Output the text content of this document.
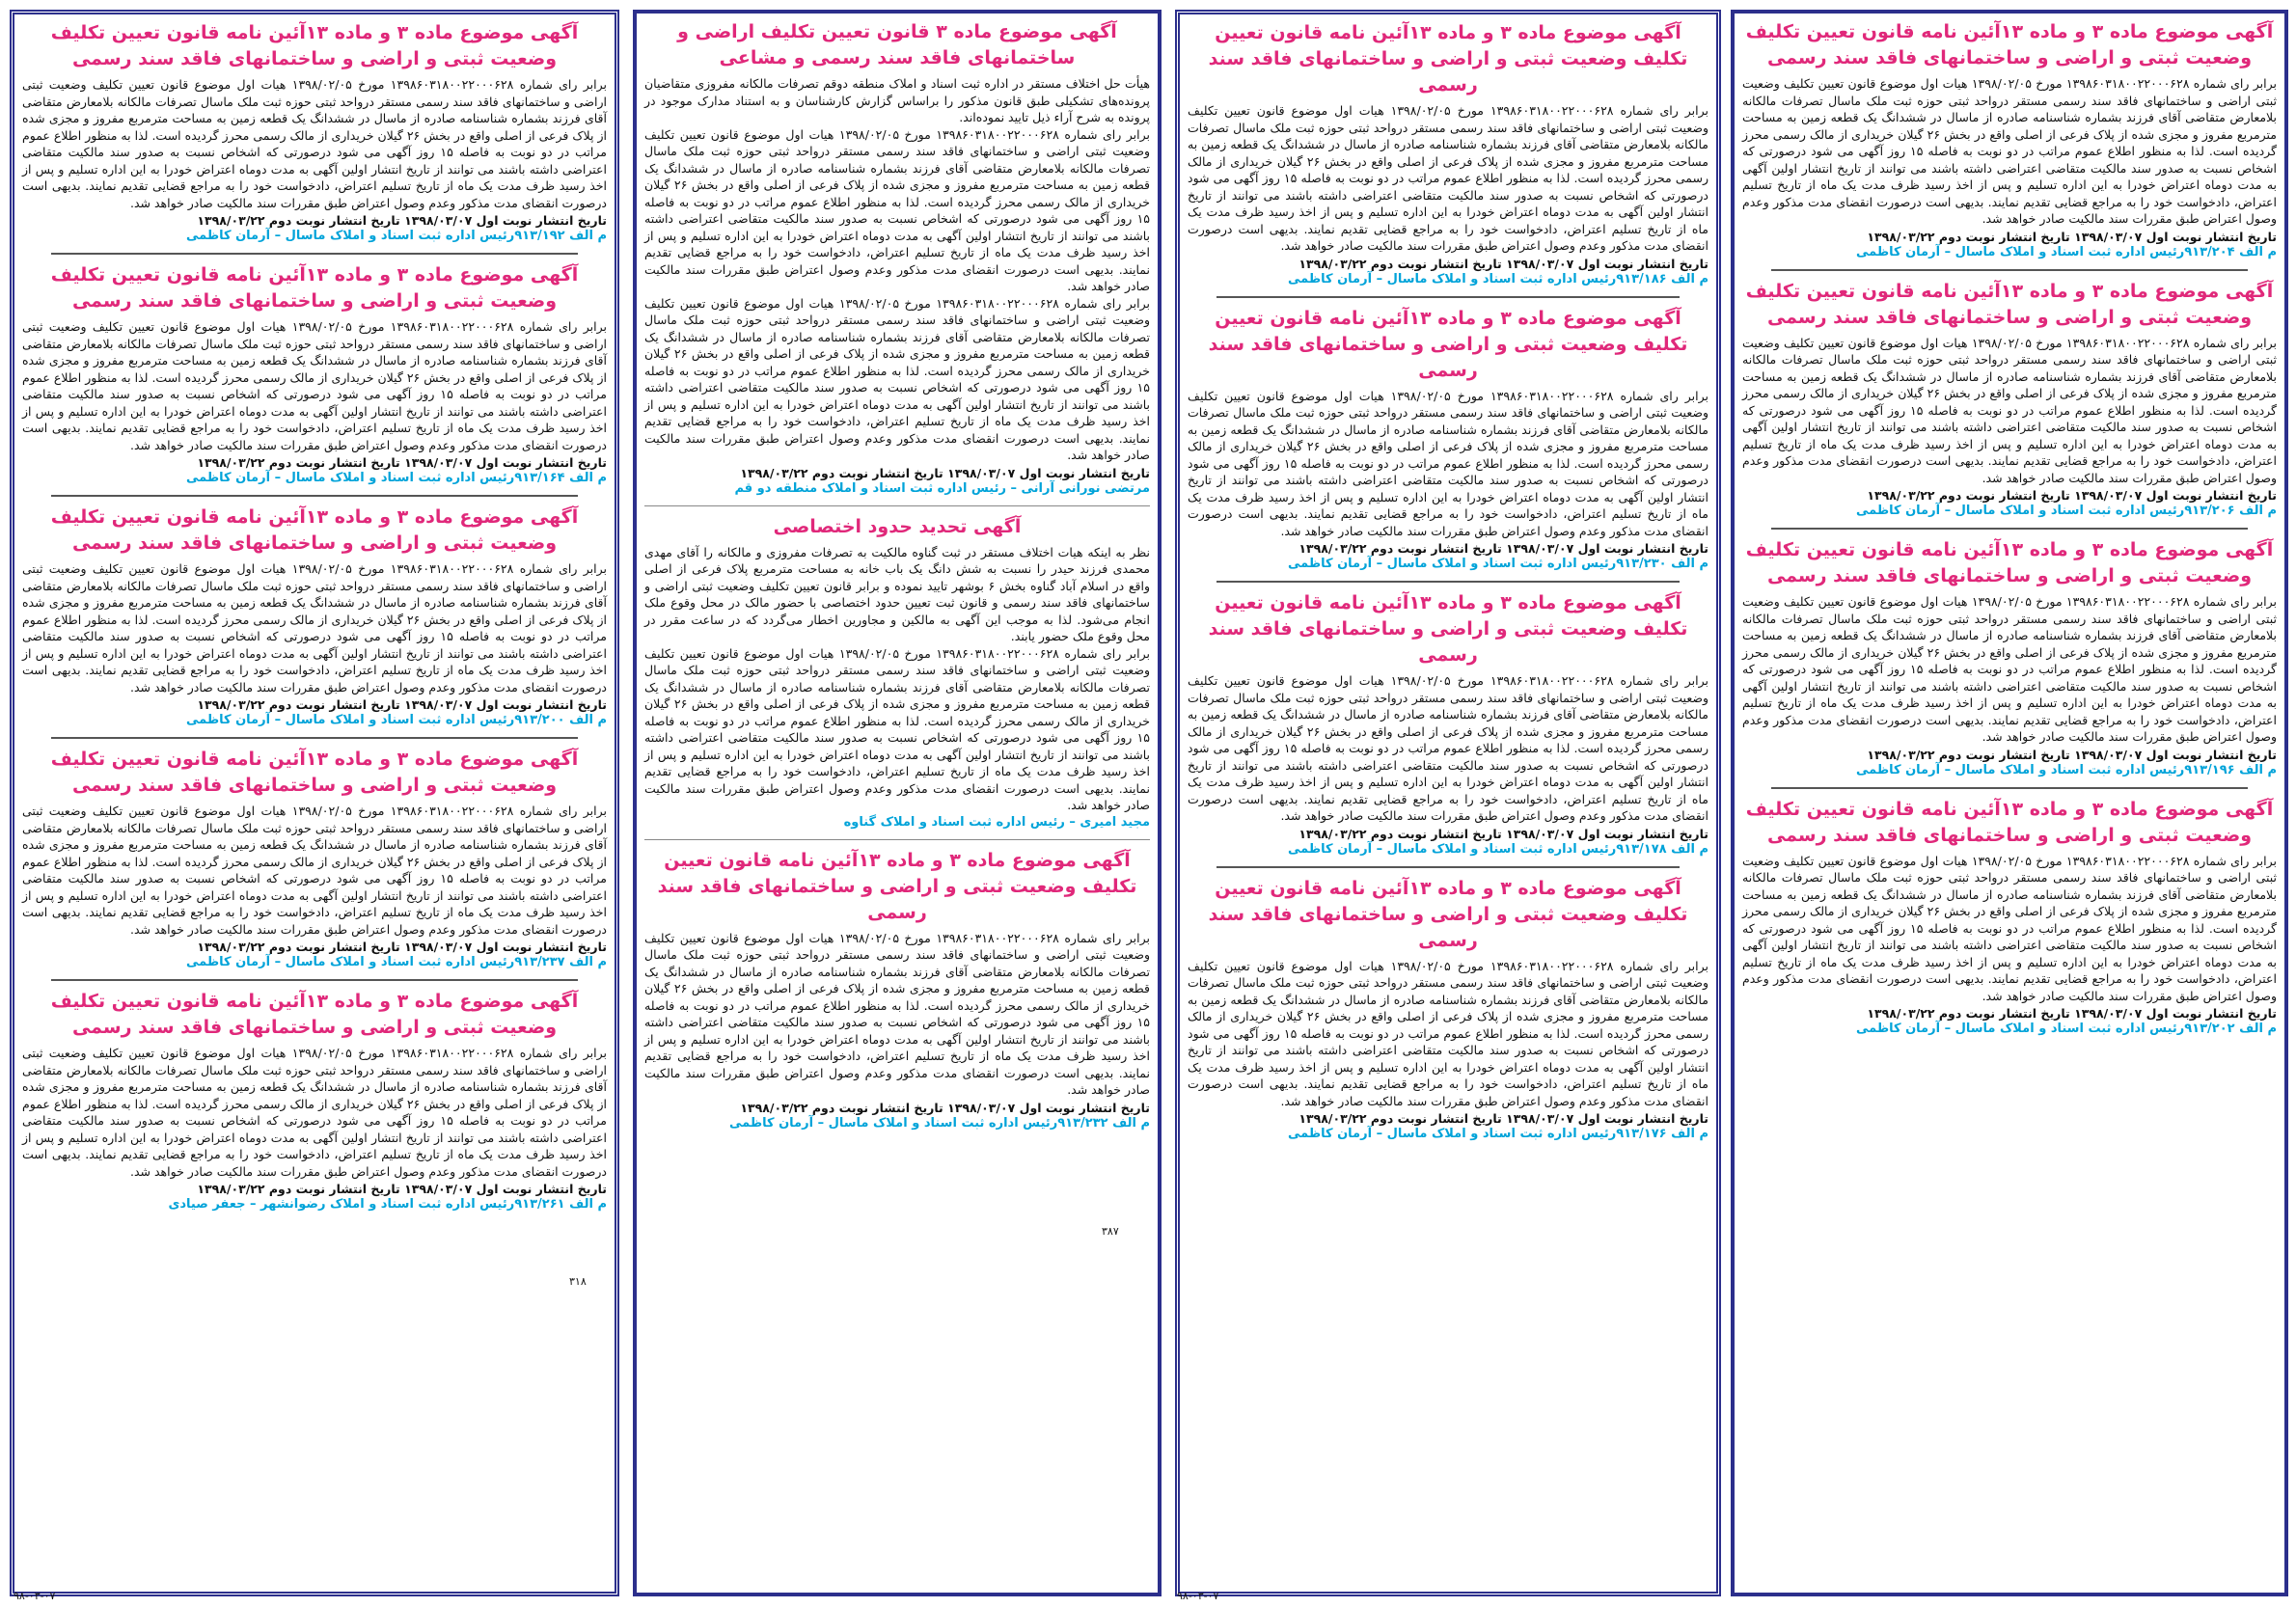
آگهی موضوع ماده ۳ و ماده ۱۳آئین نامه قانون تعیین تکلیف وضعیت ثبتی و اراضی و ساختمانهای فاقد سند رسمی

برابر رای شماره ۱۳۹۸۶۰۳۱۸۰۰۲۲۰۰۰۶۲۸ مورخ ۱۳۹۸/۰۲/۰۵ هیات اول موضوع قانون تعیین تکلیف وضعیت ثبتی اراضی و ساختمانهای فاقد سند رسمی مستقر درواحد ثبتی حوزه ثبت ملک ماسال تصرفات مالکانه بلامعارض متقاضی آقای فرزند بشماره شناسنامه صادره از ماسال در ششدانگ یک قطعه زمین به مساحت مترمربع مفروز و مجزی شده از پلاک فرعی از اصلی واقع در بخش ۲۶ گیلان خریداری از مالک رسمی محرز گردیده است. لذا به منظور اطلاع عموم مراتب در دو نوبت به فاصله ۱۵ روز آگهی می شود درصورتی که اشخاص نسبت به صدور سند مالکیت متقاضی اعتراضی داشته باشند می توانند از تاریخ انتشار اولین آگهی به مدت دوماه اعتراض خودرا به این اداره تسلیم و پس از اخذ رسید ظرف مدت یک ماه از تاریخ تسلیم اعتراض، دادخواست خود را به مراجع قضایی تقدیم نمایند. بدیهی است درصورت انقضای مدت مذکور وعدم وصول اعتراض طبق مقررات سند مالکیت صادر خواهد شد.

تاریخ انتشار نوبت اول ۱۳۹۸/۰۳/۰۷ تاریخ انتشار نوبت دوم ۱۳۹۸/۰۳/۲۲
م الف ۹۱۳/۲۰۴رئیس اداره ثبت اسناد و املاک ماسال – آرمان کاظمی
آگهی موضوع ماده ۳ و ماده ۱۳آئین نامه قانون تعیین تکلیف وضعیت ثبتی و اراضی و ساختمانهای فاقد سند رسمی

برابر رای شماره ۱۳۹۸۶۰۳۱۸۰۰۲۲۰۰۰۶۲۸ مورخ ۱۳۹۸/۰۲/۰۵ هیات اول موضوع قانون تعیین تکلیف وضعیت ثبتی اراضی و ساختمانهای فاقد سند رسمی مستقر درواحد ثبتی حوزه ثبت ملک ماسال تصرفات مالکانه بلامعارض متقاضی آقای فرزند بشماره شناسنامه صادره از ماسال در ششدانگ یک قطعه زمین به مساحت مترمربع مفروز و مجزی شده از پلاک فرعی از اصلی واقع در بخش ۲۶ گیلان خریداری از مالک رسمی محرز گردیده است. لذا به منظور اطلاع عموم مراتب در دو نوبت به فاصله ۱۵ روز آگهی می شود درصورتی که اشخاص نسبت به صدور سند مالکیت متقاضی اعتراضی داشته باشند می توانند از تاریخ انتشار اولین آگهی به مدت دوماه اعتراض خودرا به این اداره تسلیم و پس از اخذ رسید ظرف مدت یک ماه از تاریخ تسلیم اعتراض، دادخواست خود را به مراجع قضایی تقدیم نمایند. بدیهی است درصورت انقضای مدت مذکور وعدم وصول اعتراض طبق مقررات سند مالکیت صادر خواهد شد.

تاریخ انتشار نوبت اول ۱۳۹۸/۰۳/۰۷ تاریخ انتشار نوبت دوم ۱۳۹۸/۰۳/۲۲
م الف ۹۱۳/۲۰۶رئیس اداره ثبت اسناد و املاک ماسال – آرمان کاظمی
آگهی موضوع ماده ۳ و ماده ۱۳آئین نامه قانون تعیین تکلیف وضعیت ثبتی و اراضی و ساختمانهای فاقد سند رسمی

برابر رای شماره ۱۳۹۸۶۰۳۱۸۰۰۲۲۰۰۰۶۲۸ مورخ ۱۳۹۸/۰۲/۰۵ هیات اول موضوع قانون تعیین تکلیف وضعیت ثبتی اراضی و ساختمانهای فاقد سند رسمی مستقر درواحد ثبتی حوزه ثبت ملک ماسال تصرفات مالکانه بلامعارض متقاضی آقای فرزند بشماره شناسنامه صادره از ماسال در ششدانگ یک قطعه زمین به مساحت مترمربع مفروز و مجزی شده از پلاک فرعی از اصلی واقع در بخش ۲۶ گیلان خریداری از مالک رسمی محرز گردیده است. لذا به منظور اطلاع عموم مراتب در دو نوبت به فاصله ۱۵ روز آگهی می شود درصورتی که اشخاص نسبت به صدور سند مالکیت متقاضی اعتراضی داشته باشند می توانند از تاریخ انتشار اولین آگهی به مدت دوماه اعتراض خودرا به این اداره تسلیم و پس از اخذ رسید ظرف مدت یک ماه از تاریخ تسلیم اعتراض، دادخواست خود را به مراجع قضایی تقدیم نمایند. بدیهی است درصورت انقضای مدت مذکور وعدم وصول اعتراض طبق مقررات سند مالکیت صادر خواهد شد.

تاریخ انتشار نوبت اول ۱۳۹۸/۰۳/۰۷ تاریخ انتشار نوبت دوم ۱۳۹۸/۰۳/۲۲
م الف ۹۱۳/۱۹۶رئیس اداره ثبت اسناد و املاک ماسال – آرمان کاظمی
آگهی موضوع ماده ۳ و ماده ۱۳آئین نامه قانون تعیین تکلیف وضعیت ثبتی و اراضی و ساختمانهای فاقد سند رسمی

برابر رای شماره ۱۳۹۸۶۰۳۱۸۰۰۲۲۰۰۰۶۲۸ مورخ ۱۳۹۸/۰۲/۰۵ هیات اول موضوع قانون تعیین تکلیف وضعیت ثبتی اراضی و ساختمانهای فاقد سند رسمی مستقر درواحد ثبتی حوزه ثبت ملک ماسال تصرفات مالکانه بلامعارض متقاضی آقای فرزند بشماره شناسنامه صادره از ماسال در ششدانگ یک قطعه زمین به مساحت مترمربع مفروز و مجزی شده از پلاک فرعی از اصلی واقع در بخش ۲۶ گیلان خریداری از مالک رسمی محرز گردیده است. لذا به منظور اطلاع عموم مراتب در دو نوبت به فاصله ۱۵ روز آگهی می شود درصورتی که اشخاص نسبت به صدور سند مالکیت متقاضی اعتراضی داشته باشند می توانند از تاریخ انتشار اولین آگهی به مدت دوماه اعتراض خودرا به این اداره تسلیم و پس از اخذ رسید ظرف مدت یک ماه از تاریخ تسلیم اعتراض، دادخواست خود را به مراجع قضایی تقدیم نمایند. بدیهی است درصورت انقضای مدت مذکور وعدم وصول اعتراض طبق مقررات سند مالکیت صادر خواهد شد.

تاریخ انتشار نوبت اول ۱۳۹۸/۰۳/۰۷ تاریخ انتشار نوبت دوم ۱۳۹۸/۰۳/۲۲
م الف ۹۱۳/۲۰۲رئیس اداره ثبت اسناد و املاک ماسال – آرمان کاظمی
آگهی موضوع ماده ۳ و ماده ۱۳آئین نامه قانون تعیین تکلیف وضعیت ثبتی و اراضی و ساختمانهای فاقد سند رسمی

برابر رای شماره ۱۳۹۸۶۰۳۱۸۰۰۲۲۰۰۰۶۲۸ مورخ ۱۳۹۸/۰۲/۰۵ هیات اول موضوع قانون تعیین تکلیف وضعیت ثبتی اراضی و ساختمانهای فاقد سند رسمی مستقر درواحد ثبتی حوزه ثبت ملک ماسال تصرفات مالکانه بلامعارض متقاضی آقای فرزند بشماره شناسنامه صادره از ماسال در ششدانگ یک قطعه زمین به مساحت مترمربع مفروز و مجزی شده از پلاک فرعی از اصلی واقع در بخش ۲۶ گیلان خریداری از مالک رسمی محرز گردیده است. لذا به منظور اطلاع عموم مراتب در دو نوبت به فاصله ۱۵ روز آگهی می شود درصورتی که اشخاص نسبت به صدور سند مالکیت متقاضی اعتراضی داشته باشند می توانند از تاریخ انتشار اولین آگهی به مدت دوماه اعتراض خودرا به این اداره تسلیم و پس از اخذ رسید ظرف مدت یک ماه از تاریخ تسلیم اعتراض، دادخواست خود را به مراجع قضایی تقدیم نمایند. بدیهی است درصورت انقضای مدت مذکور وعدم وصول اعتراض طبق مقررات سند مالکیت صادر خواهد شد.

تاریخ انتشار نوبت اول ۱۳۹۸/۰۳/۰۷ تاریخ انتشار نوبت دوم ۱۳۹۸/۰۳/۲۲
م الف ۹۱۳/۱۸۶رئیس اداره ثبت اسناد و املاک ماسال – آرمان کاظمی
آگهی موضوع ماده ۳ و ماده ۱۳آئین نامه قانون تعیین تکلیف وضعیت ثبتی و اراضی و ساختمانهای فاقد سند رسمی

برابر رای شماره ۱۳۹۸۶۰۳۱۸۰۰۲۲۰۰۰۶۲۸ مورخ ۱۳۹۸/۰۲/۰۵ هیات اول موضوع قانون تعیین تکلیف وضعیت ثبتی اراضی و ساختمانهای فاقد سند رسمی مستقر درواحد ثبتی حوزه ثبت ملک ماسال تصرفات مالکانه بلامعارض متقاضی آقای فرزند بشماره شناسنامه صادره از ماسال در ششدانگ یک قطعه زمین به مساحت مترمربع مفروز و مجزی شده از پلاک فرعی از اصلی واقع در بخش ۲۶ گیلان خریداری از مالک رسمی محرز گردیده است. لذا به منظور اطلاع عموم مراتب در دو نوبت به فاصله ۱۵ روز آگهی می شود درصورتی که اشخاص نسبت به صدور سند مالکیت متقاضی اعتراضی داشته باشند می توانند از تاریخ انتشار اولین آگهی به مدت دوماه اعتراض خودرا به این اداره تسلیم و پس از اخذ رسید ظرف مدت یک ماه از تاریخ تسلیم اعتراض، دادخواست خود را به مراجع قضایی تقدیم نمایند. بدیهی است درصورت انقضای مدت مذکور وعدم وصول اعتراض طبق مقررات سند مالکیت صادر خواهد شد.

تاریخ انتشار نوبت اول ۱۳۹۸/۰۳/۰۷ تاریخ انتشار نوبت دوم ۱۳۹۸/۰۳/۲۲
م الف ۹۱۳/۲۳۰رئیس اداره ثبت اسناد و املاک ماسال – آرمان کاظمی
آگهی موضوع ماده ۳ و ماده ۱۳آئین نامه قانون تعیین تکلیف وضعیت ثبتی و اراضی و ساختمانهای فاقد سند رسمی

برابر رای شماره ۱۳۹۸۶۰۳۱۸۰۰۲۲۰۰۰۶۲۸ مورخ ۱۳۹۸/۰۲/۰۵ هیات اول موضوع قانون تعیین تکلیف وضعیت ثبتی اراضی و ساختمانهای فاقد سند رسمی مستقر درواحد ثبتی حوزه ثبت ملک ماسال تصرفات مالکانه بلامعارض متقاضی آقای فرزند بشماره شناسنامه صادره از ماسال در ششدانگ یک قطعه زمین به مساحت مترمربع مفروز و مجزی شده از پلاک فرعی از اصلی واقع در بخش ۲۶ گیلان خریداری از مالک رسمی محرز گردیده است. لذا به منظور اطلاع عموم مراتب در دو نوبت به فاصله ۱۵ روز آگهی می شود درصورتی که اشخاص نسبت به صدور سند مالکیت متقاضی اعتراضی داشته باشند می توانند از تاریخ انتشار اولین آگهی به مدت دوماه اعتراض خودرا به این اداره تسلیم و پس از اخذ رسید ظرف مدت یک ماه از تاریخ تسلیم اعتراض، دادخواست خود را به مراجع قضایی تقدیم نمایند. بدیهی است درصورت انقضای مدت مذکور وعدم وصول اعتراض طبق مقررات سند مالکیت صادر خواهد شد.

تاریخ انتشار نوبت اول ۱۳۹۸/۰۳/۰۷ تاریخ انتشار نوبت دوم ۱۳۹۸/۰۳/۲۲
م الف ۹۱۳/۱۷۸رئیس اداره ثبت اسناد و املاک ماسال – آرمان کاظمی
آگهی موضوع ماده ۳ و ماده ۱۳آئین نامه قانون تعیین تکلیف وضعیت ثبتی و اراضی و ساختمانهای فاقد سند رسمی

برابر رای شماره ۱۳۹۸۶۰۳۱۸۰۰۲۲۰۰۰۶۲۸ مورخ ۱۳۹۸/۰۲/۰۵ هیات اول موضوع قانون تعیین تکلیف وضعیت ثبتی اراضی و ساختمانهای فاقد سند رسمی مستقر درواحد ثبتی حوزه ثبت ملک ماسال تصرفات مالکانه بلامعارض متقاضی آقای فرزند بشماره شناسنامه صادره از ماسال در ششدانگ یک قطعه زمین به مساحت مترمربع مفروز و مجزی شده از پلاک فرعی از اصلی واقع در بخش ۲۶ گیلان خریداری از مالک رسمی محرز گردیده است. لذا به منظور اطلاع عموم مراتب در دو نوبت به فاصله ۱۵ روز آگهی می شود درصورتی که اشخاص نسبت به صدور سند مالکیت متقاضی اعتراضی داشته باشند می توانند از تاریخ انتشار اولین آگهی به مدت دوماه اعتراض خودرا به این اداره تسلیم و پس از اخذ رسید ظرف مدت یک ماه از تاریخ تسلیم اعتراض، دادخواست خود را به مراجع قضایی تقدیم نمایند. بدیهی است درصورت انقضای مدت مذکور وعدم وصول اعتراض طبق مقررات سند مالکیت صادر خواهد شد.

تاریخ انتشار نوبت اول ۱۳۹۸/۰۳/۰۷ تاریخ انتشار نوبت دوم ۱۳۹۸/۰۳/۲۲
م الف ۹۱۳/۱۷۶رئیس اداره ثبت اسناد و املاک ماسال – آرمان کاظمی
آگهی موضوع ماده ۳ قانون تعیین تکلیف اراضی و ساختمانهای فاقد سند رسمی و مشاعی

هیأت حل اختلاف مستقر در اداره ثبت اسناد و املاک منطقه دوقم تصرفات مالکانه مفروزی متقاضیان پرونده‌های تشکیلی طبق قانون مذکور را براساس گزارش کارشناسان و به استناد مدارک موجود در پرونده به شرح آراء ذیل تایید نموده‌اند.

برابر رای شماره ۱۳۹۸۶۰۳۱۸۰۰۲۲۰۰۰۶۲۸ مورخ ۱۳۹۸/۰۲/۰۵ هیات اول موضوع قانون تعیین تکلیف وضعیت ثبتی اراضی و ساختمانهای فاقد سند رسمی مستقر درواحد ثبتی حوزه ثبت ملک ماسال تصرفات مالکانه بلامعارض متقاضی آقای فرزند بشماره شناسنامه صادره از ماسال در ششدانگ یک قطعه زمین به مساحت مترمربع مفروز و مجزی شده از پلاک فرعی از اصلی واقع در بخش ۲۶ گیلان خریداری از مالک رسمی محرز گردیده است. لذا به منظور اطلاع عموم مراتب در دو نوبت به فاصله ۱۵ روز آگهی می شود درصورتی که اشخاص نسبت به صدور سند مالکیت متقاضی اعتراضی داشته باشند می توانند از تاریخ انتشار اولین آگهی به مدت دوماه اعتراض خودرا به این اداره تسلیم و پس از اخذ رسید ظرف مدت یک ماه از تاریخ تسلیم اعتراض، دادخواست خود را به مراجع قضایی تقدیم نمایند. بدیهی است درصورت انقضای مدت مذکور وعدم وصول اعتراض طبق مقررات سند مالکیت صادر خواهد شد.

برابر رای شماره ۱۳۹۸۶۰۳۱۸۰۰۲۲۰۰۰۶۲۸ مورخ ۱۳۹۸/۰۲/۰۵ هیات اول موضوع قانون تعیین تکلیف وضعیت ثبتی اراضی و ساختمانهای فاقد سند رسمی مستقر درواحد ثبتی حوزه ثبت ملک ماسال تصرفات مالکانه بلامعارض متقاضی آقای فرزند بشماره شناسنامه صادره از ماسال در ششدانگ یک قطعه زمین به مساحت مترمربع مفروز و مجزی شده از پلاک فرعی از اصلی واقع در بخش ۲۶ گیلان خریداری از مالک رسمی محرز گردیده است. لذا به منظور اطلاع عموم مراتب در دو نوبت به فاصله ۱۵ روز آگهی می شود درصورتی که اشخاص نسبت به صدور سند مالکیت متقاضی اعتراضی داشته باشند می توانند از تاریخ انتشار اولین آگهی به مدت دوماه اعتراض خودرا به این اداره تسلیم و پس از اخذ رسید ظرف مدت یک ماه از تاریخ تسلیم اعتراض، دادخواست خود را به مراجع قضایی تقدیم نمایند. بدیهی است درصورت انقضای مدت مذکور وعدم وصول اعتراض طبق مقررات سند مالکیت صادر خواهد شد.

تاریخ انتشار نوبت اول ۱۳۹۸/۰۳/۰۷ تاریخ انتشار نوبت دوم ۱۳۹۸/۰۳/۲۲
مرتضی نورانی آرانی – رئیس اداره ثبت اسناد و املاک منطقه دو قم
آگهی تحدید حدود اختصاصی

نظر به اینکه هیات اختلاف مستقر در ثبت گناوه مالکیت به تصرفات مفروزی و مالکانه را آقای مهدی محمدی فرزند حیدر را نسبت به شش دانگ یک باب خانه به مساحت مترمربع پلاک فرعی از اصلی واقع در اسلام آباد گناوه بخش ۶ بوشهر تایید نموده و برابر قانون تعیین تکلیف وضعیت ثبتی اراضی و ساختمانهای فاقد سند رسمی و قانون ثبت تعیین حدود اختصاصی با حضور مالک در محل وقوع ملک انجام می‌شود. لذا به موجب این آگهی به مالکین و مجاورین اخطار می‌گردد که در ساعت مقرر در محل وقوع ملک حضور یابند.

برابر رای شماره ۱۳۹۸۶۰۳۱۸۰۰۲۲۰۰۰۶۲۸ مورخ ۱۳۹۸/۰۲/۰۵ هیات اول موضوع قانون تعیین تکلیف وضعیت ثبتی اراضی و ساختمانهای فاقد سند رسمی مستقر درواحد ثبتی حوزه ثبت ملک ماسال تصرفات مالکانه بلامعارض متقاضی آقای فرزند بشماره شناسنامه صادره از ماسال در ششدانگ یک قطعه زمین به مساحت مترمربع مفروز و مجزی شده از پلاک فرعی از اصلی واقع در بخش ۲۶ گیلان خریداری از مالک رسمی محرز گردیده است. لذا به منظور اطلاع عموم مراتب در دو نوبت به فاصله ۱۵ روز آگهی می شود درصورتی که اشخاص نسبت به صدور سند مالکیت متقاضی اعتراضی داشته باشند می توانند از تاریخ انتشار اولین آگهی به مدت دوماه اعتراض خودرا به این اداره تسلیم و پس از اخذ رسید ظرف مدت یک ماه از تاریخ تسلیم اعتراض، دادخواست خود را به مراجع قضایی تقدیم نمایند. بدیهی است درصورت انقضای مدت مذکور وعدم وصول اعتراض طبق مقررات سند مالکیت صادر خواهد شد.

مجید امیری – رئیس اداره ثبت اسناد و املاک گناوه
آگهی موضوع ماده ۳ و ماده ۱۳آئین نامه قانون تعیین تکلیف وضعیت ثبتی و اراضی و ساختمانهای فاقد سند رسمی

برابر رای شماره ۱۳۹۸۶۰۳۱۸۰۰۲۲۰۰۰۶۲۸ مورخ ۱۳۹۸/۰۲/۰۵ هیات اول موضوع قانون تعیین تکلیف وضعیت ثبتی اراضی و ساختمانهای فاقد سند رسمی مستقر درواحد ثبتی حوزه ثبت ملک ماسال تصرفات مالکانه بلامعارض متقاضی آقای فرزند بشماره شناسنامه صادره از ماسال در ششدانگ یک قطعه زمین به مساحت مترمربع مفروز و مجزی شده از پلاک فرعی از اصلی واقع در بخش ۲۶ گیلان خریداری از مالک رسمی محرز گردیده است. لذا به منظور اطلاع عموم مراتب در دو نوبت به فاصله ۱۵ روز آگهی می شود درصورتی که اشخاص نسبت به صدور سند مالکیت متقاضی اعتراضی داشته باشند می توانند از تاریخ انتشار اولین آگهی به مدت دوماه اعتراض خودرا به این اداره تسلیم و پس از اخذ رسید ظرف مدت یک ماه از تاریخ تسلیم اعتراض، دادخواست خود را به مراجع قضایی تقدیم نمایند. بدیهی است درصورت انقضای مدت مذکور وعدم وصول اعتراض طبق مقررات سند مالکیت صادر خواهد شد.

تاریخ انتشار نوبت اول ۱۳۹۸/۰۳/۰۷ تاریخ انتشار نوبت دوم ۱۳۹۸/۰۳/۲۲
م الف ۹۱۳/۲۳۲رئیس اداره ثبت اسناد و املاک ماسال – آرمان کاظمی
آگهی موضوع ماده ۳ و ماده ۱۳آئین نامه قانون تعیین تکلیف وضعیت ثبتی و اراضی و ساختمانهای فاقد سند رسمی

برابر رای شماره ۱۳۹۸۶۰۳۱۸۰۰۲۲۰۰۰۶۲۸ مورخ ۱۳۹۸/۰۲/۰۵ هیات اول موضوع قانون تعیین تکلیف وضعیت ثبتی اراضی و ساختمانهای فاقد سند رسمی مستقر درواحد ثبتی حوزه ثبت ملک ماسال تصرفات مالکانه بلامعارض متقاضی آقای فرزند بشماره شناسنامه صادره از ماسال در ششدانگ یک قطعه زمین به مساحت مترمربع مفروز و مجزی شده از پلاک فرعی از اصلی واقع در بخش ۲۶ گیلان خریداری از مالک رسمی محرز گردیده است. لذا به منظور اطلاع عموم مراتب در دو نوبت به فاصله ۱۵ روز آگهی می شود درصورتی که اشخاص نسبت به صدور سند مالکیت متقاضی اعتراضی داشته باشند می توانند از تاریخ انتشار اولین آگهی به مدت دوماه اعتراض خودرا به این اداره تسلیم و پس از اخذ رسید ظرف مدت یک ماه از تاریخ تسلیم اعتراض، دادخواست خود را به مراجع قضایی تقدیم نمایند. بدیهی است درصورت انقضای مدت مذکور وعدم وصول اعتراض طبق مقررات سند مالکیت صادر خواهد شد.

تاریخ انتشار نوبت اول ۱۳۹۸/۰۳/۰۷ تاریخ انتشار نوبت دوم ۱۳۹۸/۰۳/۲۲
م الف ۹۱۳/۱۹۲رئیس اداره ثبت اسناد و املاک ماسال – آرمان کاظمی
آگهی موضوع ماده ۳ و ماده ۱۳آئین نامه قانون تعیین تکلیف وضعیت ثبتی و اراضی و ساختمانهای فاقد سند رسمی

برابر رای شماره ۱۳۹۸۶۰۳۱۸۰۰۲۲۰۰۰۶۲۸ مورخ ۱۳۹۸/۰۲/۰۵ هیات اول موضوع قانون تعیین تکلیف وضعیت ثبتی اراضی و ساختمانهای فاقد سند رسمی مستقر درواحد ثبتی حوزه ثبت ملک ماسال تصرفات مالکانه بلامعارض متقاضی آقای فرزند بشماره شناسنامه صادره از ماسال در ششدانگ یک قطعه زمین به مساحت مترمربع مفروز و مجزی شده از پلاک فرعی از اصلی واقع در بخش ۲۶ گیلان خریداری از مالک رسمی محرز گردیده است. لذا به منظور اطلاع عموم مراتب در دو نوبت به فاصله ۱۵ روز آگهی می شود درصورتی که اشخاص نسبت به صدور سند مالکیت متقاضی اعتراضی داشته باشند می توانند از تاریخ انتشار اولین آگهی به مدت دوماه اعتراض خودرا به این اداره تسلیم و پس از اخذ رسید ظرف مدت یک ماه از تاریخ تسلیم اعتراض، دادخواست خود را به مراجع قضایی تقدیم نمایند. بدیهی است درصورت انقضای مدت مذکور وعدم وصول اعتراض طبق مقررات سند مالکیت صادر خواهد شد.

تاریخ انتشار نوبت اول ۱۳۹۸/۰۳/۰۷ تاریخ انتشار نوبت دوم ۱۳۹۸/۰۳/۲۲
م الف ۹۱۳/۱۶۴رئیس اداره ثبت اسناد و املاک ماسال – آرمان کاظمی
آگهی موضوع ماده ۳ و ماده ۱۳آئین نامه قانون تعیین تکلیف وضعیت ثبتی و اراضی و ساختمانهای فاقد سند رسمی

برابر رای شماره ۱۳۹۸۶۰۳۱۸۰۰۲۲۰۰۰۶۲۸ مورخ ۱۳۹۸/۰۲/۰۵ هیات اول موضوع قانون تعیین تکلیف وضعیت ثبتی اراضی و ساختمانهای فاقد سند رسمی مستقر درواحد ثبتی حوزه ثبت ملک ماسال تصرفات مالکانه بلامعارض متقاضی آقای فرزند بشماره شناسنامه صادره از ماسال در ششدانگ یک قطعه زمین به مساحت مترمربع مفروز و مجزی شده از پلاک فرعی از اصلی واقع در بخش ۲۶ گیلان خریداری از مالک رسمی محرز گردیده است. لذا به منظور اطلاع عموم مراتب در دو نوبت به فاصله ۱۵ روز آگهی می شود درصورتی که اشخاص نسبت به صدور سند مالکیت متقاضی اعتراضی داشته باشند می توانند از تاریخ انتشار اولین آگهی به مدت دوماه اعتراض خودرا به این اداره تسلیم و پس از اخذ رسید ظرف مدت یک ماه از تاریخ تسلیم اعتراض، دادخواست خود را به مراجع قضایی تقدیم نمایند. بدیهی است درصورت انقضای مدت مذکور وعدم وصول اعتراض طبق مقررات سند مالکیت صادر خواهد شد.

تاریخ انتشار نوبت اول ۱۳۹۸/۰۳/۰۷ تاریخ انتشار نوبت دوم ۱۳۹۸/۰۳/۲۲
م الف ۹۱۳/۲۰۰رئیس اداره ثبت اسناد و املاک ماسال – آرمان کاظمی
آگهی موضوع ماده ۳ و ماده ۱۳آئین نامه قانون تعیین تکلیف وضعیت ثبتی و اراضی و ساختمانهای فاقد سند رسمی

برابر رای شماره ۱۳۹۸۶۰۳۱۸۰۰۲۲۰۰۰۶۲۸ مورخ ۱۳۹۸/۰۲/۰۵ هیات اول موضوع قانون تعیین تکلیف وضعیت ثبتی اراضی و ساختمانهای فاقد سند رسمی مستقر درواحد ثبتی حوزه ثبت ملک ماسال تصرفات مالکانه بلامعارض متقاضی آقای فرزند بشماره شناسنامه صادره از ماسال در ششدانگ یک قطعه زمین به مساحت مترمربع مفروز و مجزی شده از پلاک فرعی از اصلی واقع در بخش ۲۶ گیلان خریداری از مالک رسمی محرز گردیده است. لذا به منظور اطلاع عموم مراتب در دو نوبت به فاصله ۱۵ روز آگهی می شود درصورتی که اشخاص نسبت به صدور سند مالکیت متقاضی اعتراضی داشته باشند می توانند از تاریخ انتشار اولین آگهی به مدت دوماه اعتراض خودرا به این اداره تسلیم و پس از اخذ رسید ظرف مدت یک ماه از تاریخ تسلیم اعتراض، دادخواست خود را به مراجع قضایی تقدیم نمایند. بدیهی است درصورت انقضای مدت مذکور وعدم وصول اعتراض طبق مقررات سند مالکیت صادر خواهد شد.

تاریخ انتشار نوبت اول ۱۳۹۸/۰۳/۰۷ تاریخ انتشار نوبت دوم ۱۳۹۸/۰۳/۲۲
م الف ۹۱۳/۲۳۷رئیس اداره ثبت اسناد و املاک ماسال – آرمان کاظمی
آگهی موضوع ماده ۳ و ماده ۱۳آئین نامه قانون تعیین تکلیف وضعیت ثبتی و اراضی و ساختمانهای فاقد سند رسمی

برابر رای شماره ۱۳۹۸۶۰۳۱۸۰۰۲۲۰۰۰۶۲۸ مورخ ۱۳۹۸/۰۲/۰۵ هیات اول موضوع قانون تعیین تکلیف وضعیت ثبتی اراضی و ساختمانهای فاقد سند رسمی مستقر درواحد ثبتی حوزه ثبت ملک ماسال تصرفات مالکانه بلامعارض متقاضی آقای فرزند بشماره شناسنامه صادره از ماسال در ششدانگ یک قطعه زمین به مساحت مترمربع مفروز و مجزی شده از پلاک فرعی از اصلی واقع در بخش ۲۶ گیلان خریداری از مالک رسمی محرز گردیده است. لذا به منظور اطلاع عموم مراتب در دو نوبت به فاصله ۱۵ روز آگهی می شود درصورتی که اشخاص نسبت به صدور سند مالکیت متقاضی اعتراضی داشته باشند می توانند از تاریخ انتشار اولین آگهی به مدت دوماه اعتراض خودرا به این اداره تسلیم و پس از اخذ رسید ظرف مدت یک ماه از تاریخ تسلیم اعتراض، دادخواست خود را به مراجع قضایی تقدیم نمایند. بدیهی است درصورت انقضای مدت مذکور وعدم وصول اعتراض طبق مقررات سند مالکیت صادر خواهد شد.

تاریخ انتشار نوبت اول ۱۳۹۸/۰۳/۰۷ تاریخ انتشار نوبت دوم ۱۳۹۸/۰۳/۲۲
م الف ۹۱۳/۲۶۱رئیس اداره ثبت اسناد و املاک رضوانشهر – جعفر صیادی
۹۸-۰۳-۰۷	۹۸-۰۳-۰۷
۳۱۸
۳۸۷
